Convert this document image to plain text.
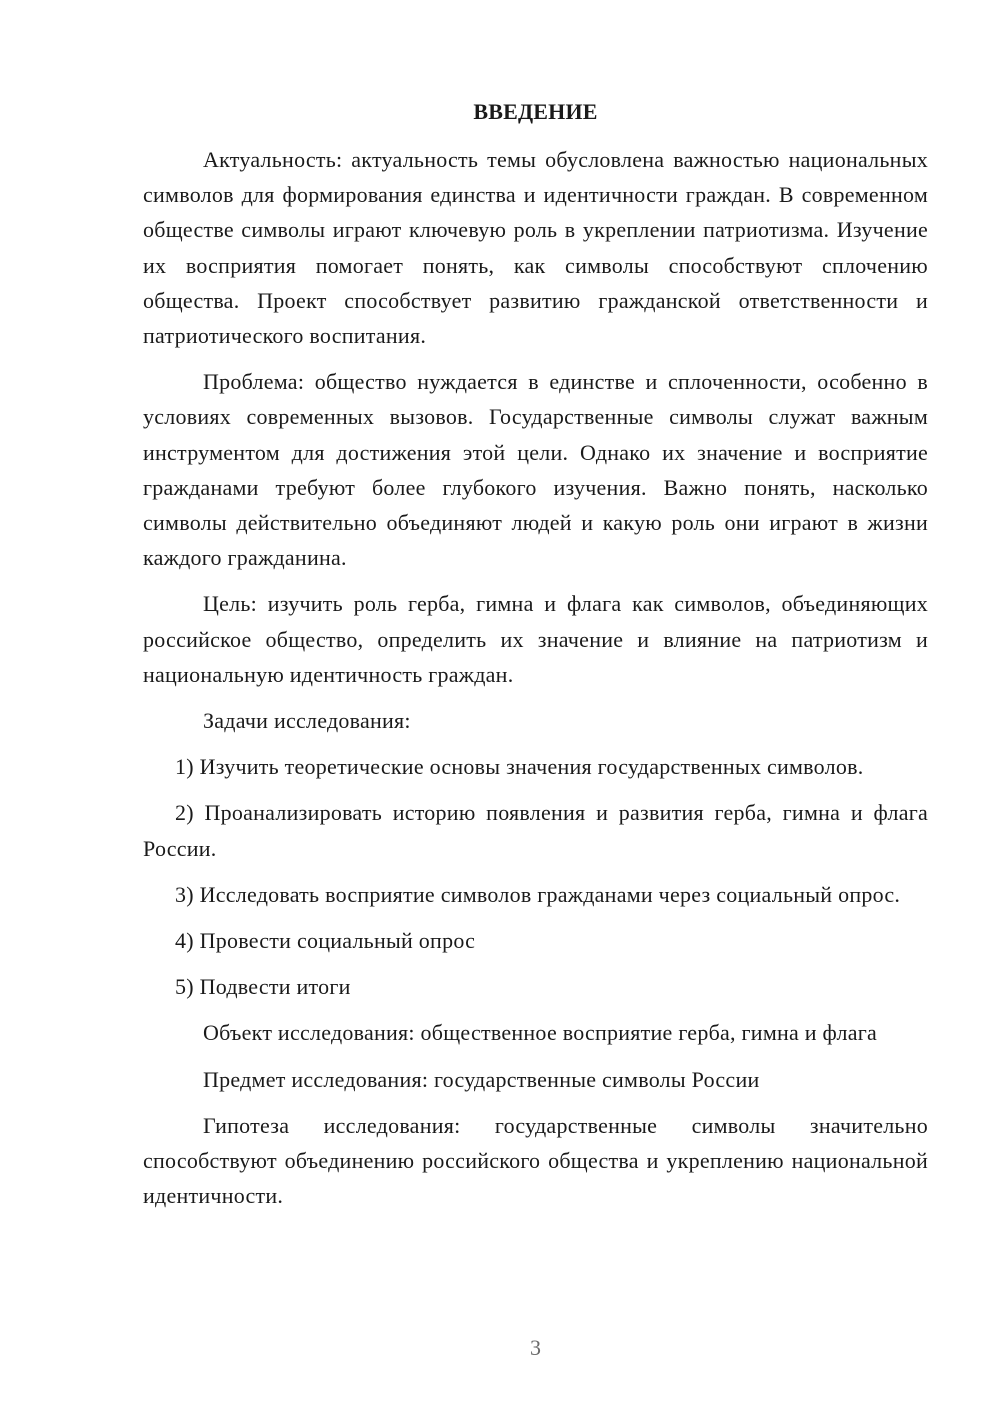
ВВЕДЕНИЕ

Актуальность: актуальность темы обусловлена важностью национальных символов для формирования единства и идентичности граждан. В современном обществе символы играют ключевую роль в укреплении патриотизма. Изучение их восприятия помогает понять, как символы способствуют сплочению общества. Проект способствует развитию гражданской ответственности и патриотического воспитания.

Проблема: общество нуждается в единстве и сплоченности, особенно в условиях современных вызовов. Государственные символы служат важным инструментом для достижения этой цели. Однако их значение и восприятие гражданами требуют более глубокого изучения. Важно понять, насколько символы действительно объединяют людей и какую роль они играют в жизни каждого гражданина.

Цель: изучить роль герба, гимна и флага как символов, объединяющих российское общество, определить их значение и влияние на патриотизм и национальную идентичность граждан.

Задачи исследования:

1) Изучить теоретические основы значения государственных символов.

2) Проанализировать историю появления и развития герба, гимна и флага России.

3) Исследовать восприятие символов гражданами через социальный опрос.

4) Провести социальный опрос

5) Подвести итоги

Объект исследования: общественное восприятие герба, гимна и флага

Предмет исследования: государственные символы России

Гипотеза исследования: государственные символы значительно способствуют объединению российского общества и укреплению национальной идентичности.

3
